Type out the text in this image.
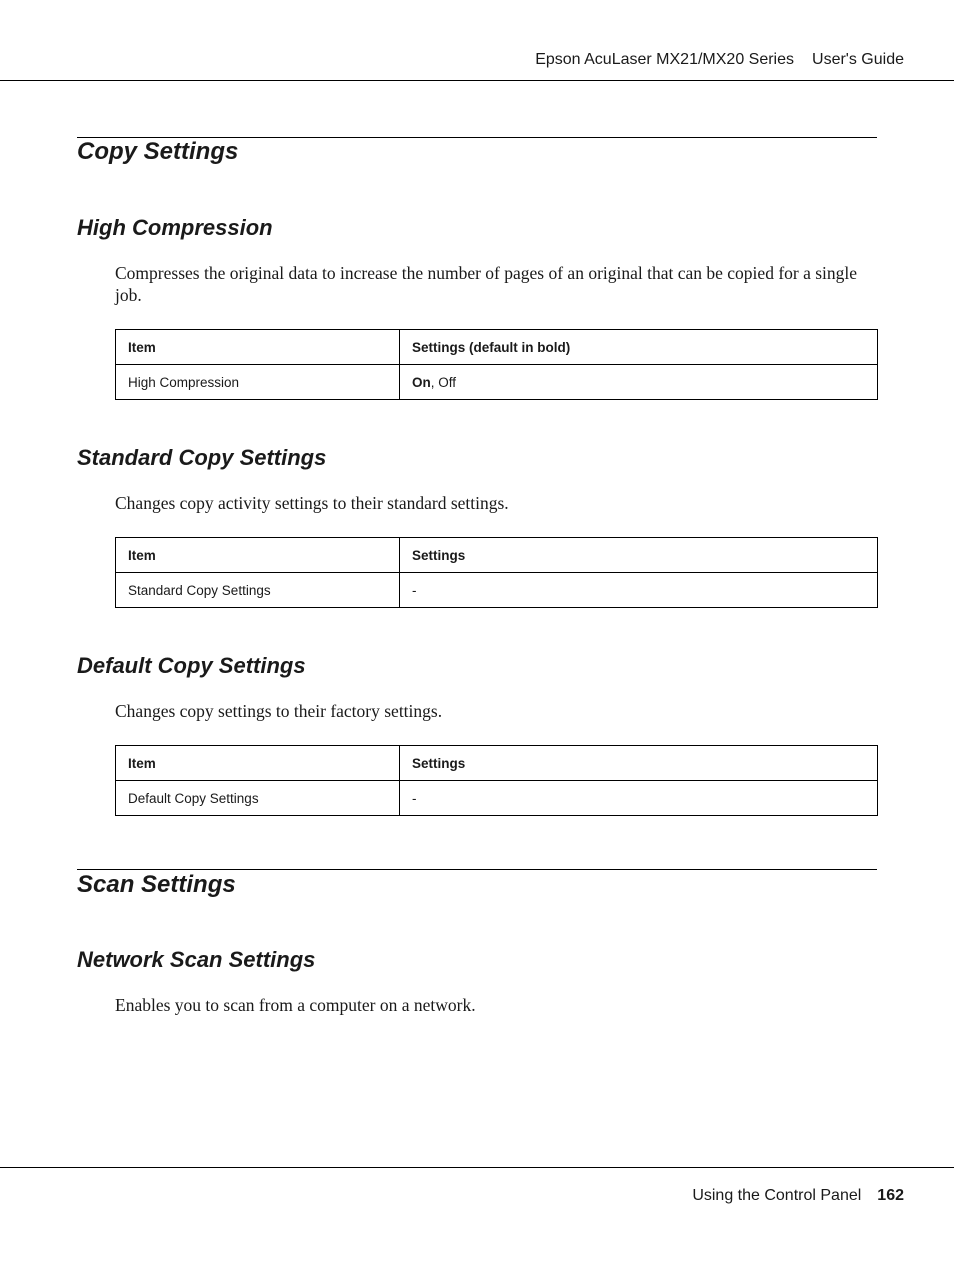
Epson AcuLaser MX21/MX20 Series User's Guide
Copy Settings
High Compression

Compresses the original data to increase the number of pages of an original that can be copied for a single job.

Item	Settings (default in bold)
High Compression	On, Off
Standard Copy Settings

Changes copy activity settings to their standard settings.

Item	Settings
Standard Copy Settings	-
Default Copy Settings

Changes copy settings to their factory settings.

Item	Settings
Default Copy Settings	-
Scan Settings
Network Scan Settings

Enables you to scan from a computer on a network.

Using the Control Panel 162
